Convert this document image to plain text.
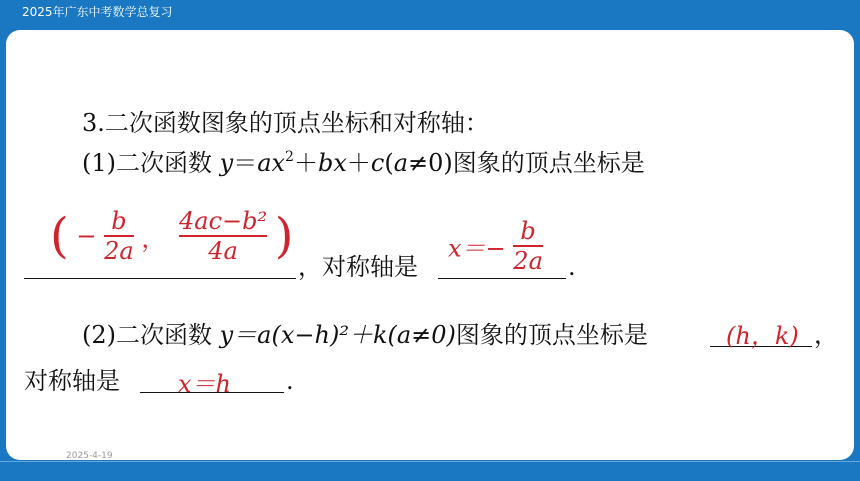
2025年广东中考数学总复习
3.二次函数图象的顶点坐标和对称轴：
(1)二次函数 $y=ax^2+bx+c(a\ne 0)$图象的顶点坐标是
( − $\frac{b}{2a}$ ， $\frac{\text{4ac−b²}}{4a}$ )
，对称轴是	.
$x=- \frac{b}{2a}$
(2)二次函数 y＝a(x−h)²＋k(a≠0)图象的顶点坐标是	(h，k) ，
对称轴是 x＝h .
2025-4-19
